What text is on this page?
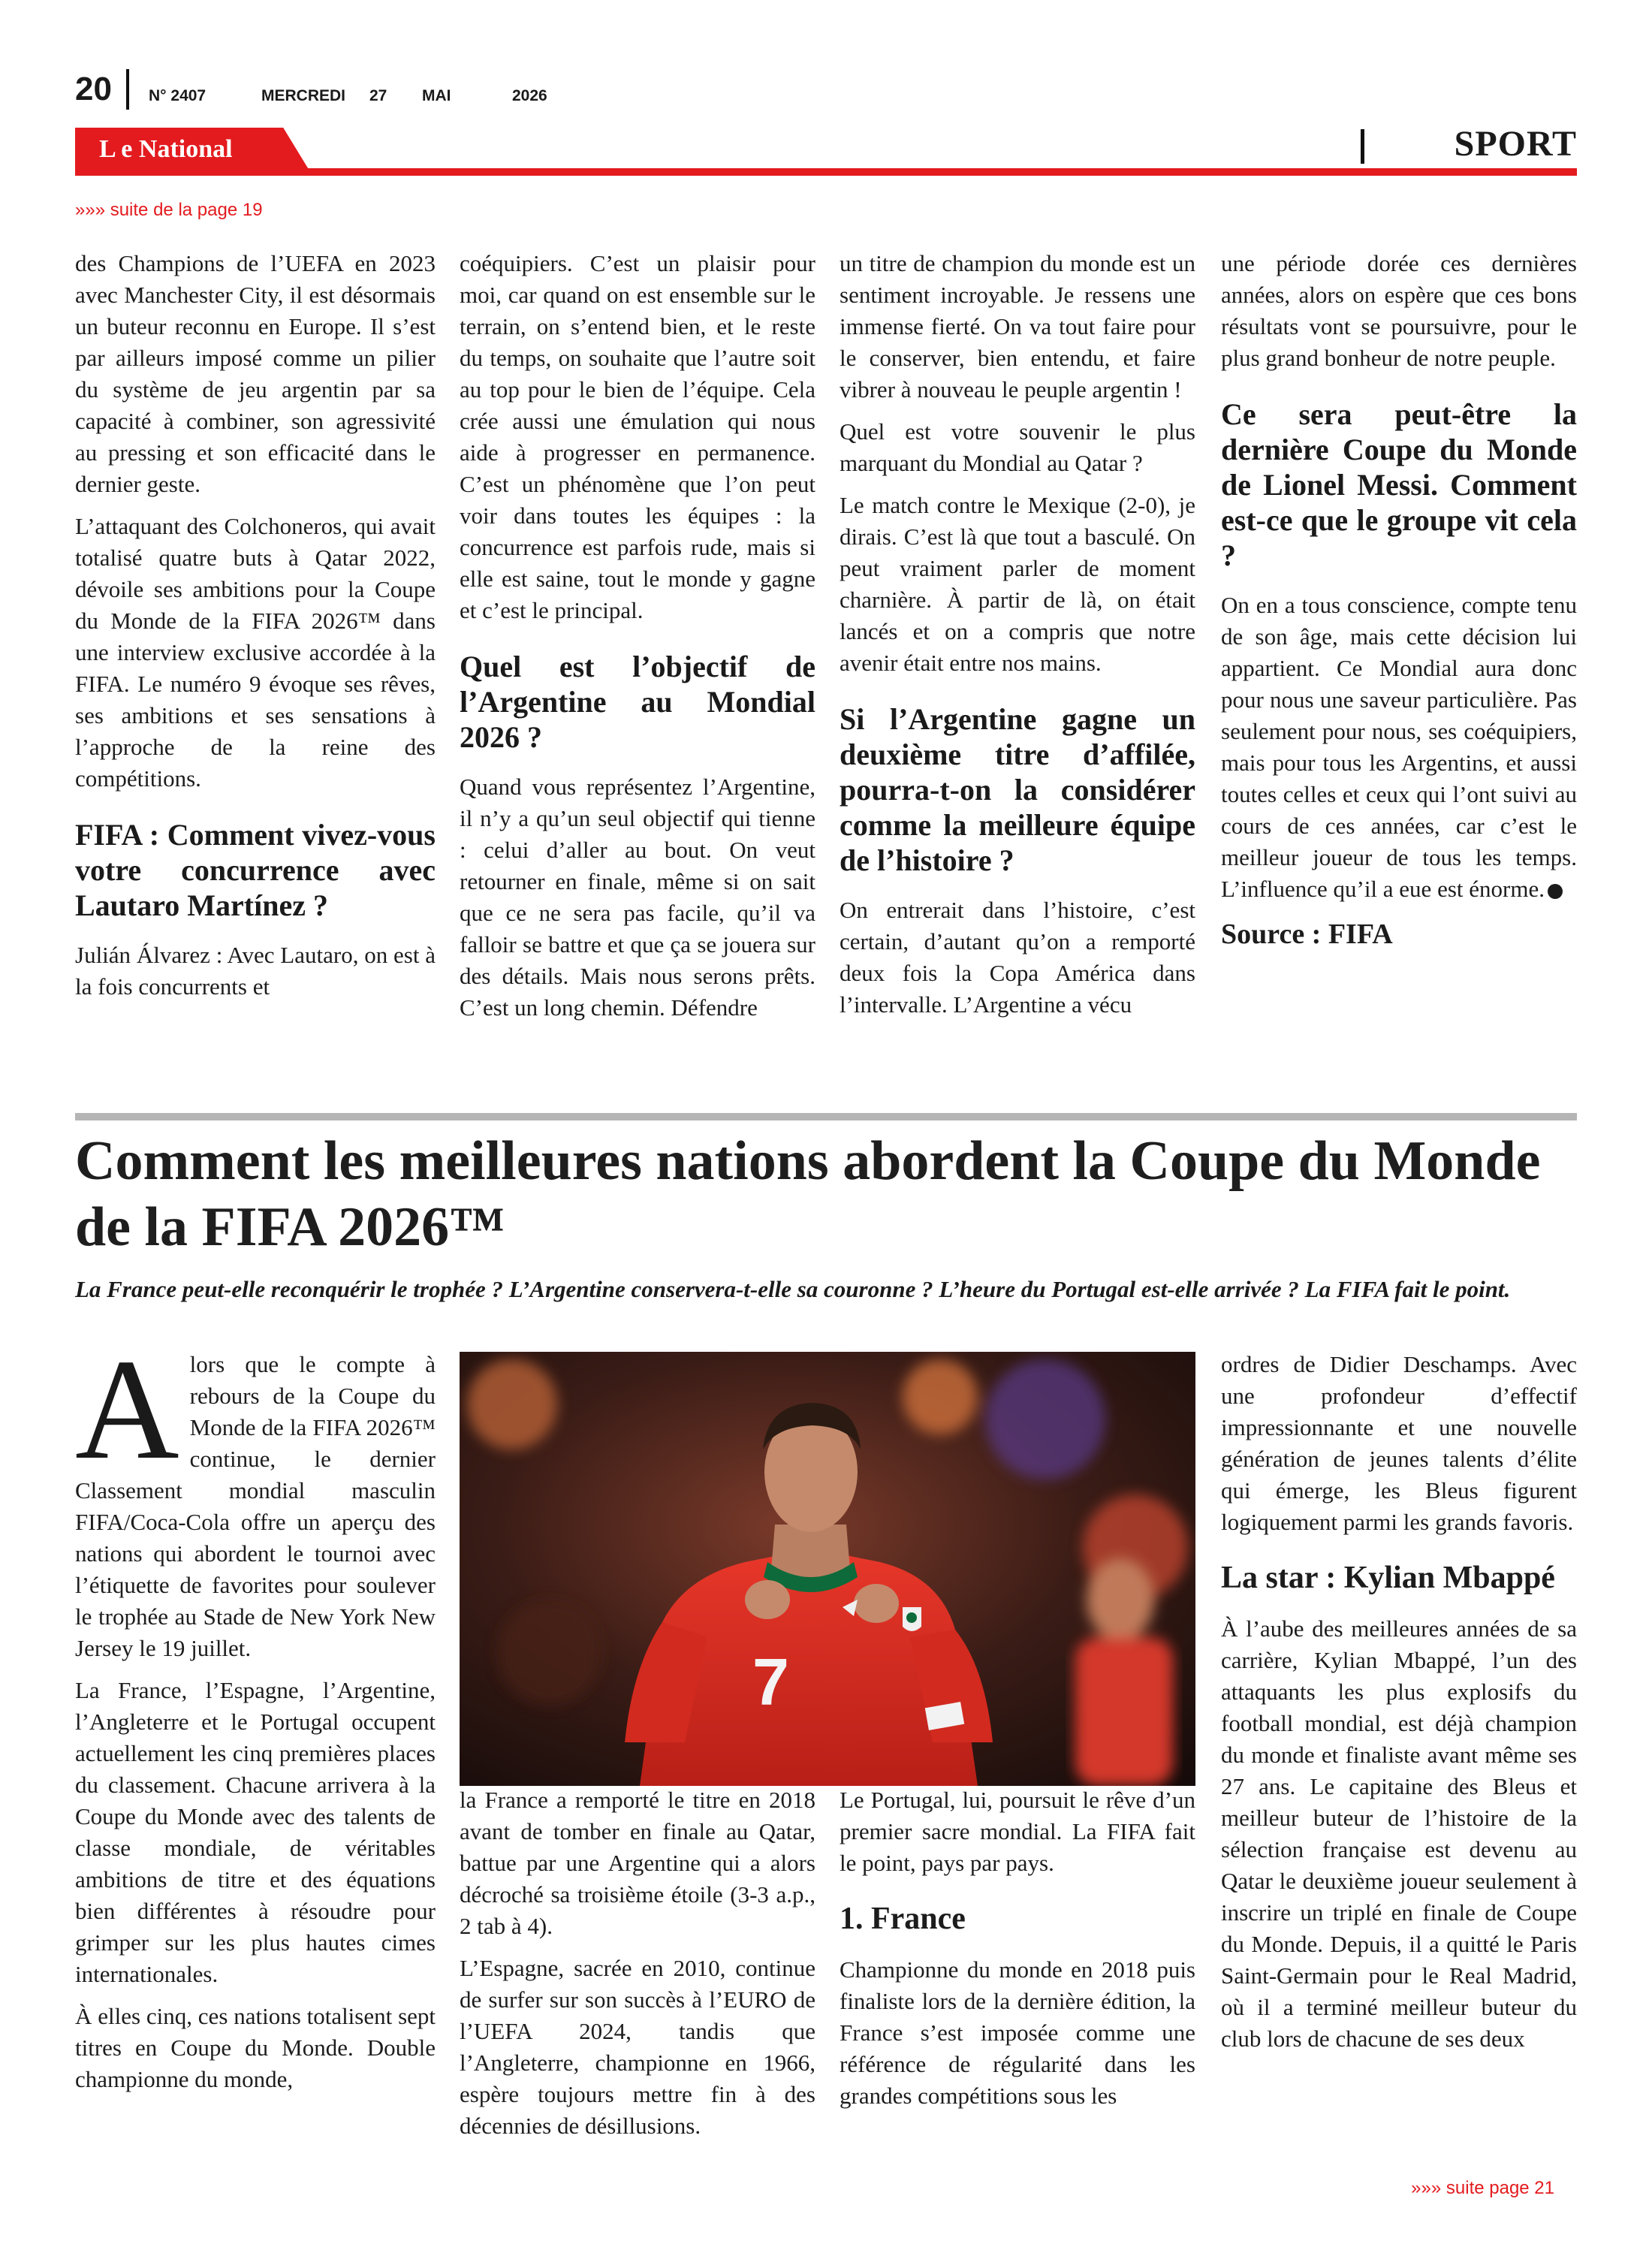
20 N° 2407	MERCREDI 27 MAI	2026
L e National	SPORT
»»» suite de la page 19

des Champions de l’UEFA en 2023 avec Manchester City, il est désormais un buteur reconnu en Europe. Il s’est par ailleurs imposé comme un pilier du système de jeu argentin par sa capacité à combiner, son agressivité au pressing et son efficacité dans le dernier geste.

L’attaquant des Colchoneros, qui avait totalisé quatre buts à Qatar 2022, dévoile ses ambitions pour la Coupe du Monde de la FIFA 2026™ dans une interview exclusive accordée à la FIFA. Le numéro 9 évoque ses rêves, ses ambitions et ses sensations à l’approche de la reine des compétitions.

FIFA : Comment vivez-vous votre concurrence avec Lautaro Martínez ?

Julián Álvarez : Avec Lautaro, on est à la fois concurrents et

coéquipiers. C’est un plaisir pour moi, car quand on est ensemble sur le terrain, on s’entend bien, et le reste du temps, on souhaite que l’autre soit au top pour le bien de l’équipe. Cela crée aussi une émulation qui nous aide à progresser en permanence. C’est un phénomène que l’on peut voir dans toutes les équipes : la concurrence est parfois rude, mais si elle est saine, tout le monde y gagne et c’est le principal.

Quel est l’objectif de l’Argentine au Mondial 2026 ?

Quand vous représentez l’Argentine, il n’y a qu’un seul objectif qui tienne : celui d’aller au bout. On veut retourner en finale, même si on sait que ce ne sera pas facile, qu’il va falloir se battre et que ça se jouera sur des détails. Mais nous serons prêts. C’est un long chemin. Défendre

un titre de champion du monde est un sentiment incroyable. Je ressens une immense fierté. On va tout faire pour le conserver, bien entendu, et faire vibrer à nouveau le peuple argentin !

Quel est votre souvenir le plus marquant du Mondial au Qatar ?

Le match contre le Mexique (2-0), je dirais. C’est là que tout a basculé. On peut vraiment parler de moment charnière. À partir de là, on était lancés et on a compris que notre avenir était entre nos mains.

Si l’Argentine gagne un deuxième titre d’affilée, pourra-t-on la considérer comme la meilleure équipe de l’histoire ?

On entrerait dans l’histoire, c’est certain, d’autant qu’on a remporté deux fois la Copa América dans l’intervalle. L’Argentine a vécu

une période dorée ces dernières années, alors on espère que ces bons résultats vont se poursuivre, pour le plus grand bonheur de notre peuple.

Ce sera peut-être la dernière Coupe du Monde de Lionel Messi. Comment est-ce que le groupe vit cela ?

On en a tous conscience, compte tenu de son âge, mais cette décision lui appartient. Ce Mondial aura donc pour nous une saveur particulière. Pas seulement pour nous, ses coéquipiers, mais pour tous les Argentins, et aussi toutes celles et ceux qui l’ont suivi au cours de ces années, car c’est le meilleur joueur de tous les temps. L’influence qu’il a eue est énorme.

Source : FIFA

Comment les meilleures nations abordent la Coupe du Monde de la FIFA 2026™

La France peut-elle reconquérir le trophée ? L’Argentine conservera-t-elle sa couronne ? L’heure du Portugal est-elle arrivée ? La FIFA fait le point.

7

Alors que le compte à rebours de la Coupe du Monde de la FIFA 2026™ continue, le dernier Classement mondial masculin FIFA/Coca-Cola offre un aperçu des nations qui abordent le tournoi avec l’étiquette de favorites pour soulever le trophée au Stade de New York New Jersey le 19 juillet.

La France, l’Espagne, l’Argentine, l’Angleterre et le Portugal occupent actuellement les cinq premières places du classement. Chacune arrivera à la Coupe du Monde avec des talents de classe mondiale, de véritables ambitions de titre et des équations bien différentes à résoudre pour grimper sur les plus hautes cimes internationales.

À elles cinq, ces nations totalisent sept titres en Coupe du Monde. Double championne du monde,

la France a remporté le titre en 2018 avant de tomber en finale au Qatar, battue par une Argentine qui a alors décroché sa troisième étoile (3-3 a.p., 2 tab à 4).

L’Espagne, sacrée en 2010, continue de surfer sur son succès à l’EURO de l’UEFA 2024, tandis que l’Angleterre, championne en 1966, espère toujours mettre fin à des décennies de désillusions.

Le Portugal, lui, poursuit le rêve d’un premier sacre mondial. La FIFA fait le point, pays par pays.

1. France

Championne du monde en 2018 puis finaliste lors de la dernière édition, la France s’est imposée comme une référence de régularité dans les grandes compétitions sous les

ordres de Didier Deschamps. Avec une profondeur d’effectif impressionnante et une nouvelle génération de jeunes talents d’élite qui émerge, les Bleus figurent logiquement parmi les grands favoris.

La star : Kylian Mbappé

À l’aube des meilleures années de sa carrière, Kylian Mbappé, l’un des attaquants les plus explosifs du football mondial, est déjà champion du monde et finaliste avant même ses 27 ans. Le capitaine des Bleus et meilleur buteur de l’histoire de la sélection française est devenu au Qatar le deuxième joueur seulement à inscrire un triplé en finale de Coupe du Monde. Depuis, il a quitté le Paris Saint-Germain pour le Real Madrid, où il a terminé meilleur buteur du club lors de chacune de ses deux

»»» suite page 21
